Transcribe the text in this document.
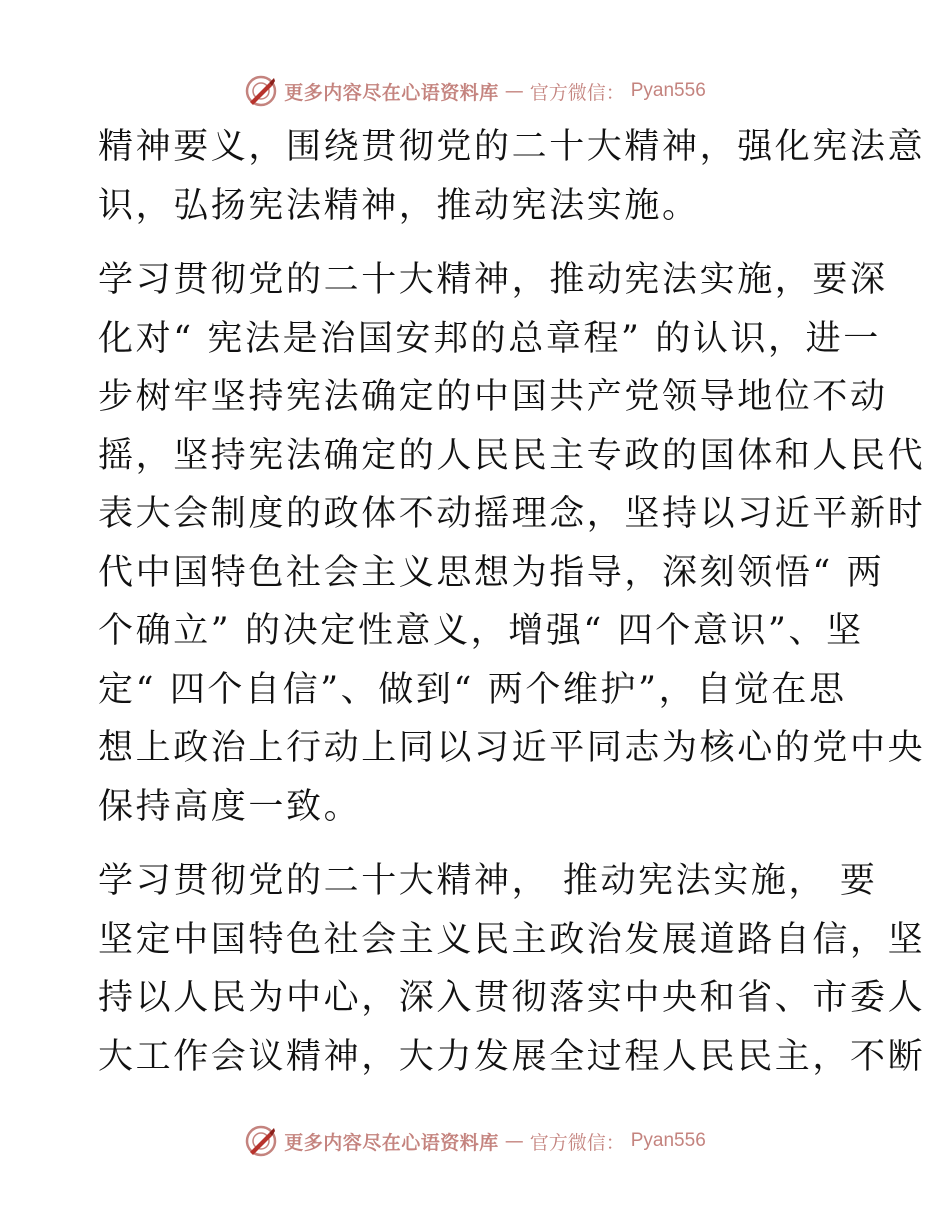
更多内容尽在心语资料库 — 官方微信： Pyan556

精神要义，围绕贯彻党的二十大精神，强化宪法意
识，弘扬宪法精神，推动宪法实施。

学习贯彻党的二十大精神，推动宪法实施，要深
化对“ 宪法是治国安邦的总章程” 的认识，进一
步树牢坚持宪法确定的中国共产党领导地位不动
摇，坚持宪法确定的人民民主专政的国体和人民代
表大会制度的政体不动摇理念，坚持以习近平新时
代中国特色社会主义思想为指导，深刻领悟“ 两
个确立” 的决定性意义，增强“ 四个意识”、坚
定“ 四个自信”、做到“ 两个维护”，自觉在思
想上政治上行动上同以习近平同志为核心的党中央
保持高度一致。

学习贯彻党的二十大精神， 推动宪法实施， 要
坚定中国特色社会主义民主政治发展道路自信，坚
持以人民为中心，深入贯彻落实中央和省、市委人
大工作会议精神，大力发展全过程人民民主，不断

更多内容尽在心语资料库 — 官方微信： Pyan556
